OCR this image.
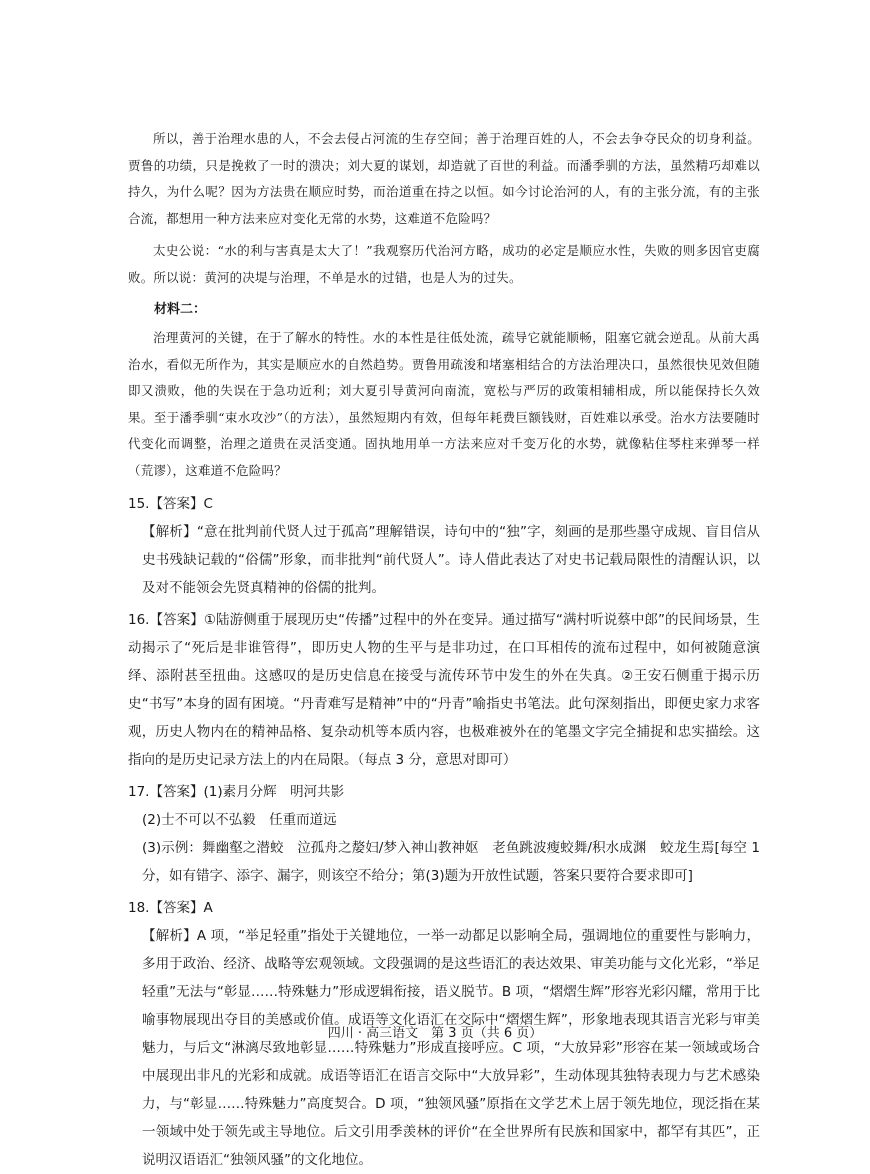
所以，善于治理水患的人，不会去侵占河流的生存空间；善于治理百姓的人，不会去争夺民众的切身利益。贾鲁的功绩，只是挽救了一时的溃决；刘大夏的谋划，却造就了百世的利益。而潘季驯的方法，虽然精巧却难以持久，为什么呢？因为方法贵在顺应时势，而治道重在持之以恒。如今讨论治河的人，有的主张分流，有的主张合流，都想用一种方法来应对变化无常的水势，这难道不危险吗？

太史公说：“水的利与害真是太大了！”我观察历代治河方略，成功的必定是顺应水性，失败的则多因官吏腐败。所以说：黄河的决堤与治理，不单是水的过错，也是人为的过失。

材料二：

治理黄河的关键，在于了解水的特性。水的本性是往低处流，疏导它就能顺畅，阻塞它就会逆乱。从前大禹治水，看似无所作为，其实是顺应水的自然趋势。贾鲁用疏浚和堵塞相结合的方法治理决口，虽然很快见效但随即又溃败，他的失误在于急功近利；刘大夏引导黄河向南流，宽松与严厉的政策相辅相成，所以能保持长久效果。至于潘季驯“束水攻沙”（的方法），虽然短期内有效，但每年耗费巨额钱财，百姓难以承受。治水方法要随时代变化而调整，治理之道贵在灵活变通。固执地用单一方法来应对千变万化的水势，就像粘住琴柱来弹琴一样（荒谬），这难道不危险吗？

15.【答案】C

【解析】“意在批判前代贤人过于孤高”理解错误，诗句中的“独”字，刻画的是那些墨守成规、盲目信从史书残缺记载的“俗儒”形象，而非批判“前代贤人”。诗人借此表达了对史书记载局限性的清醒认识，以及对不能领会先贤真精神的俗儒的批判。

16.【答案】①陆游侧重于展现历史“传播”过程中的外在变异。通过描写“满村听说蔡中郎”的民间场景，生动揭示了“死后是非谁管得”，即历史人物的生平与是非功过，在口耳相传的流布过程中，如何被随意演绎、添附甚至扭曲。这感叹的是历史信息在接受与流传环节中发生的外在失真。②王安石侧重于揭示历史“书写”本身的固有困境。“丹青难写是精神”中的“丹青”喻指史书笔法。此句深刻指出，即便史家力求客观，历史人物内在的精神品格、复杂动机等本质内容，也极难被外在的笔墨文字完全捕捉和忠实描绘。这指向的是历史记录方法上的内在局限。（每点 3 分，意思对即可）

17.【答案】(1)素月分辉　明河共影

(2)士不可以不弘毅　任重而道远

(3)示例：舞幽壑之潜蛟　泣孤舟之嫠妇/梦入神山教神妪　老鱼跳波瘦蛟舞/积水成渊　蛟龙生焉[每空 1 分，如有错字、添字、漏字，则该空不给分；第(3)题为开放性试题，答案只要符合要求即可]

18.【答案】A

【解析】A 项，“举足轻重”指处于关键地位，一举一动都足以影响全局，强调地位的重要性与影响力，多用于政治、经济、战略等宏观领域。文段强调的是这些语汇的表达效果、审美功能与文化光彩，“举足轻重”无法与“彰显……特殊魅力”形成逻辑衔接，语义脱节。B 项，“熠熠生辉”形容光彩闪耀，常用于比喻事物展现出夺目的美感或价值。成语等文化语汇在交际中“熠熠生辉”，形象地表现其语言光彩与审美魅力，与后文“淋漓尽致地彰显……特殊魅力”形成直接呼应。C 项，“大放异彩”形容在某一领域或场合中展现出非凡的光彩和成就。成语等语汇在语言交际中“大放异彩”，生动体现其独特表现力与艺术感染力，与“彰显……特殊魅力”高度契合。D 项，“独领风骚”原指在文学艺术上居于领先地位，现泛指在某一领域中处于领先或主导地位。后文引用季羡林的评价“在全世界所有民族和国家中，都罕有其匹”，正说明汉语语汇“独领风骚”的文化地位。

四川 · 高三语文　第 3 页（共 6 页）
